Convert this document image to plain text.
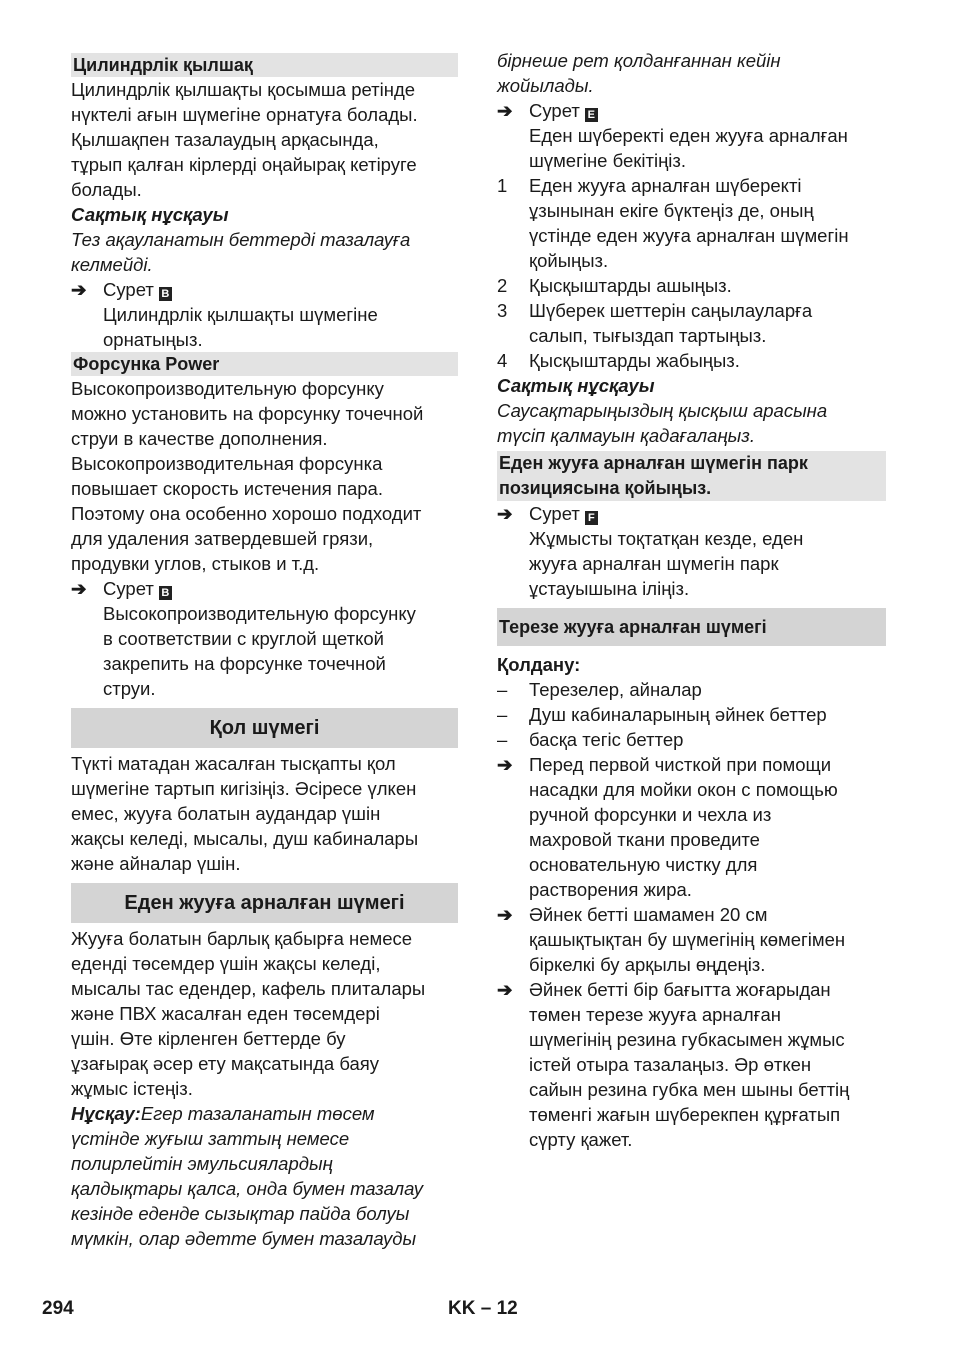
Цилиндрлік қылшақ

Цилиндрлік қылшақты қосымша ретінде

нүктелі ағын шүмегіне орнатуға болады.

Қылшақпен тазалаудың арқасында,

тұрып қалған кірлерді оңайырақ кетіруге

болады.

Сақтық нұсқауы

Тез ақауланатын беттерді тазалауға

келмейді.

➔ Сурет B
Цилиндрлік қылшақты шүмегіне
орнатыңыз.

Форсунка Power

Высокопроизводительную форсунку

можно установить на форсунку точечной

струи в качестве дополнения.

Высокопроизводительная форсунка

повышает скорость истечения пара.

Поэтому она особенно хорошо подходит

для удаления затвердевшей грязи,

продувки углов, стыков и т.д.

➔ Сурет B
Высокопроизводительную форсунку
в соответствии с круглой щеткой
закрепить на форсунке точечной
струи.

Қол шүмегі

Түкті матадан жасалған тысқапты қол

шүмегіне тартып кигізіңіз. Әсіресе үлкен

емес, жууға болатын аудандар үшін

жақсы келеді, мысалы, душ кабиналары

және айналар үшін.

Еден жууға арналған шүмегі

Жууға болатын барлық қабырға немесе

еденді төсемдер үшін жақсы келеді,

мысалы тас едендер, кафель плиталары

және ПВХ жасалған еден төсемдері

үшін. Өте кірленген беттерде бу

ұзағырақ әсер ету мақсатында баяу

жұмыс істеңіз.

Нұсқау:Егер тазаланатын төсем

үстінде жуғыш заттың немесе

полирлейтін эмульсиялардың

қалдықтары қалса, онда бумен тазалау

кезінде еденде сызықтар пайда болуы

мүмкін, олар әдетте бумен тазалауды

бірнеше рет қолданғаннан кейін

жойылады.

➔ Сурет E
Еден шүберекті еден жууға арналған
шүмегіне бекітіңіз.
1	Еден жууға арналған шүберекті
ұзынынан екіге бүктеңіз де, оның
үстінде еден жууға арналған шүмегін
қойыңыз.
2	Қысқыштарды ашыңыз.
3	Шүберек шеттерін саңылауларға
салып, тығыздап тартыңыз.
4	Қысқыштарды жабыңыз.

Сақтық нұсқауы

Саусақтарыңыздың қысқыш арасына

түсіп қалмауын қадағалаңыз.

Еден жууға арналған шүмегін парк
позициясына қойыңыз.
➔ Сурет F
Жұмысты тоқтатқан кезде, еден
жууға арналған шүмегін парк
ұстауышына іліңіз.

Терезе жууға арналған шүмегі

Қолдану:

–	Терезелер, айналар
–	Душ кабиналарының әйнек беттер
–	басқа тегіс беттер
➔ Перед первой чисткой при помощи
насадки для мойки окон с помощью
ручной форсунки и чехла из
махровой ткани проведите
основательную чистку для
растворения жира.
➔ Әйнек бетті шамамен 20 см
қашықтықтан бу шүмегінің көмегімен
біркелкі бу арқылы өңдеңіз.
➔ Әйнек бетті бір бағытта жоғарыдан
төмен терезе жууға арналған
шүмегінің резина губкасымен жұмыс
істей отыра тазалаңыз. Әр өткен
сайын резина губка мен шыны беттің
төменгі жағын шүберекпен құрғатып
сүрту қажет.
294	KK – 12
